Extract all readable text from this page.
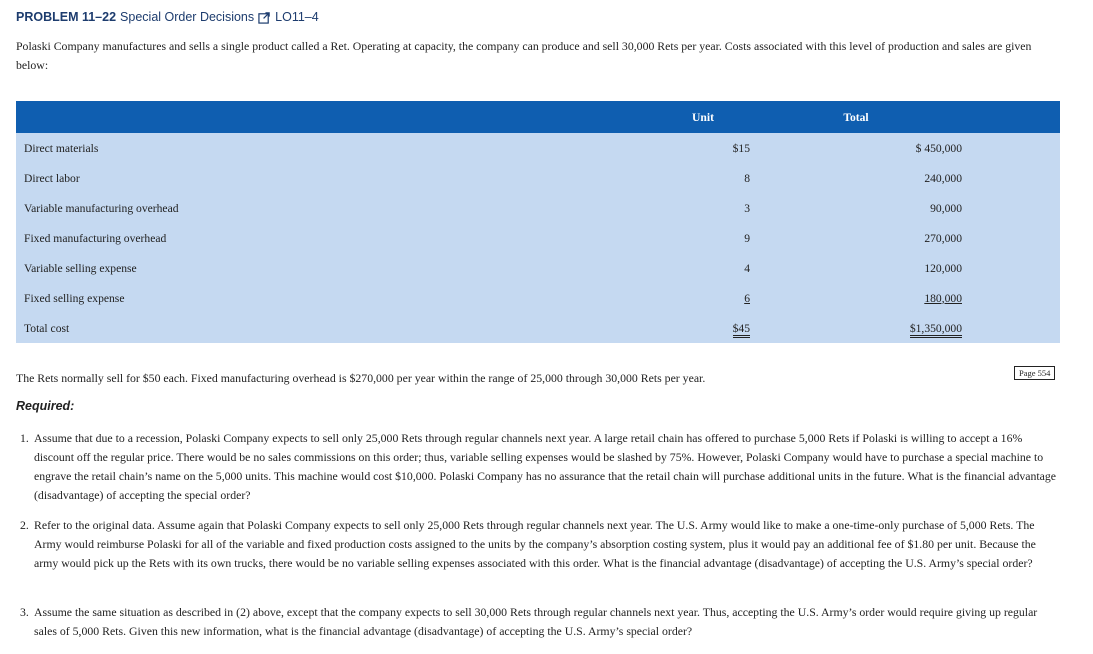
PROBLEM 11–22 Special Order Decisions LO11–4
Polaski Company manufactures and sells a single product called a Ret. Operating at capacity, the company can produce and sell 30,000 Rets per year. Costs associated with this level of production and sales are given below:
	Unit	Total	
Direct materials	$15	$ 450,000	
Direct labor	8	240,000	
Variable manufacturing overhead	3	90,000	
Fixed manufacturing overhead	9	270,000	
Variable selling expense	4	120,000	
Fixed selling expense	6	180,000	
Total cost	$45	$1,350,000	
The Rets normally sell for $50 each. Fixed manufacturing overhead is $270,000 per year within the range of 25,000 through 30,000 Rets per year.	Page 554
Required:
1. Assume that due to a recession, Polaski Company expects to sell only 25,000 Rets through regular channels next year. A large retail chain has offered to purchase 5,000 Rets if Polaski is willing to accept a 16% discount off the regular price. There would be no sales commissions on this order; thus, variable selling expenses would be slashed by 75%. However, Polaski Company would have to purchase a special machine to engrave the retail chain’s name on the 5,000 units. This machine would cost $10,000. Polaski Company has no assurance that the retail chain will purchase additional units in the future. What is the financial advantage (disadvantage) of accepting the special order?
2. Refer to the original data. Assume again that Polaski Company expects to sell only 25,000 Rets through regular channels next year. The U.S. Army would like to make a one-time-only purchase of 5,000 Rets. The Army would reimburse Polaski for all of the variable and fixed production costs assigned to the units by the company’s absorption costing system, plus it would pay an additional fee of $1.80 per unit. Because the army would pick up the Rets with its own trucks, there would be no variable selling expenses associated with this order. What is the financial advantage (disadvantage) of accepting the U.S. Army’s special order?
3. Assume the same situation as described in (2) above, except that the company expects to sell 30,000 Rets through regular channels next year. Thus, accepting the U.S. Army’s order would require giving up regular sales of 5,000 Rets. Given this new information, what is the financial advantage (disadvantage) of accepting the U.S. Army’s special order?
